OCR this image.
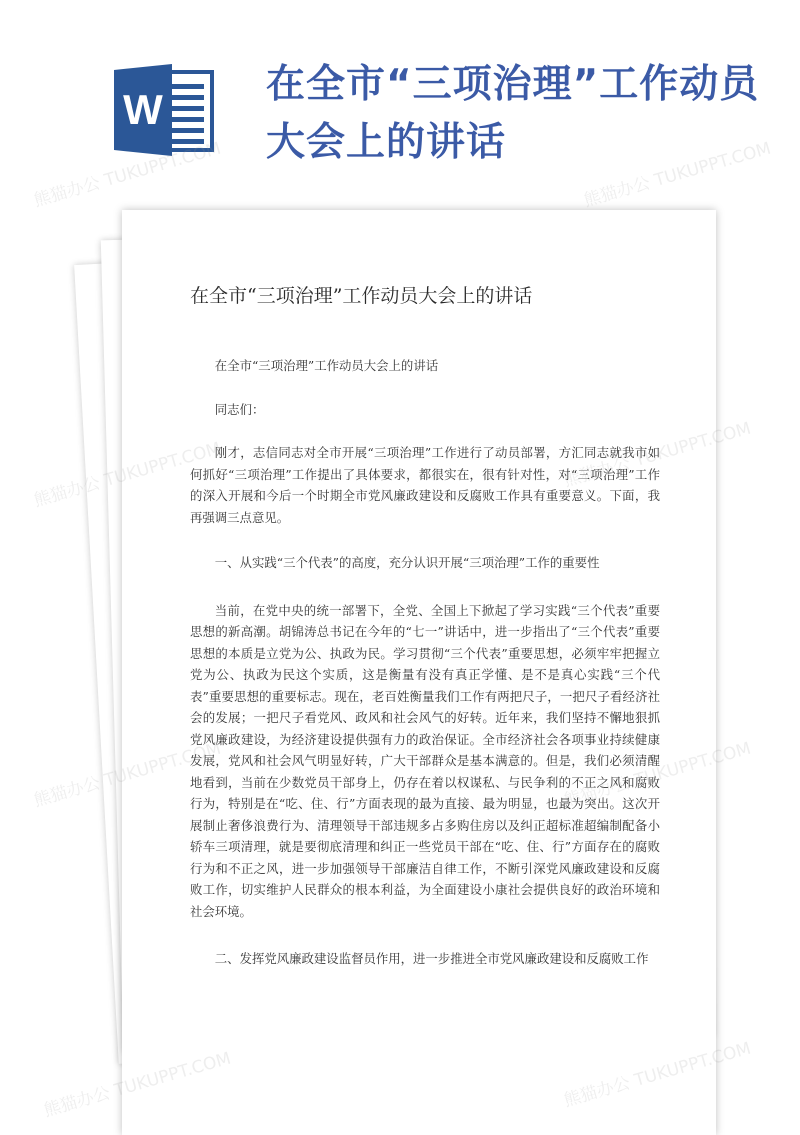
W
在全市“三项治理”工作动员大会上的讲话
在全市“三项治理”工作动员大会上的讲话

在全市“三项治理”工作动员大会上的讲话

同志们：

刚才，志信同志对全市开展“三项治理”工作进行了动员部署，方汇同志就我市如何抓好“三项治理”工作提出了具体要求，都很实在，很有针对性，对“三项治理”工作的深入开展和今后一个时期全市党风廉政建设和反腐败工作具有重要意义。下面，我再强调三点意见。

一、从实践“三个代表”的高度，充分认识开展“三项治理”工作的重要性

当前，在党中央的统一部署下，全党、全国上下掀起了学习实践“三个代表”重要思想的新高潮。胡锦涛总书记在今年的“七一”讲话中，进一步指出了“三个代表”重要思想的本质是立党为公、执政为民。学习贯彻“三个代表”重要思想，必须牢牢把握立党为公、执政为民这个实质，这是衡量有没有真正学懂、是不是真心实践“三个代表”重要思想的重要标志。现在，老百姓衡量我们工作有两把尺子，一把尺子看经济社会的发展；一把尺子看党风、政风和社会风气的好转。近年来，我们坚持不懈地狠抓党风廉政建设，为经济建设提供强有力的政治保证。全市经济社会各项事业持续健康发展，党风和社会风气明显好转，广大干部群众是基本满意的。但是，我们必须清醒地看到，当前在少数党员干部身上，仍存在着以权谋私、与民争利的不正之风和腐败行为，特别是在“吃、住、行”方面表现的最为直接、最为明显，也最为突出。这次开展制止奢侈浪费行为、清理领导干部违规多占多购住房以及纠正超标准超编制配备小轿车三项清理，就是要彻底清理和纠正一些党员干部在“吃、住、行”方面存在的腐败行为和不正之风，进一步加强领导干部廉洁自律工作，不断引深党风廉政建设和反腐败工作，切实维护人民群众的根本利益，为全面建设小康社会提供良好的政治环境和社会环境。

二、发挥党风廉政建设监督员作用，进一步推进全市党风廉政建设和反腐败工作

熊猫办公 TUKUPPT.COM	熊猫办公 TUKUPPT.COM
熊猫办公
熊猫办公
熊猫办公
